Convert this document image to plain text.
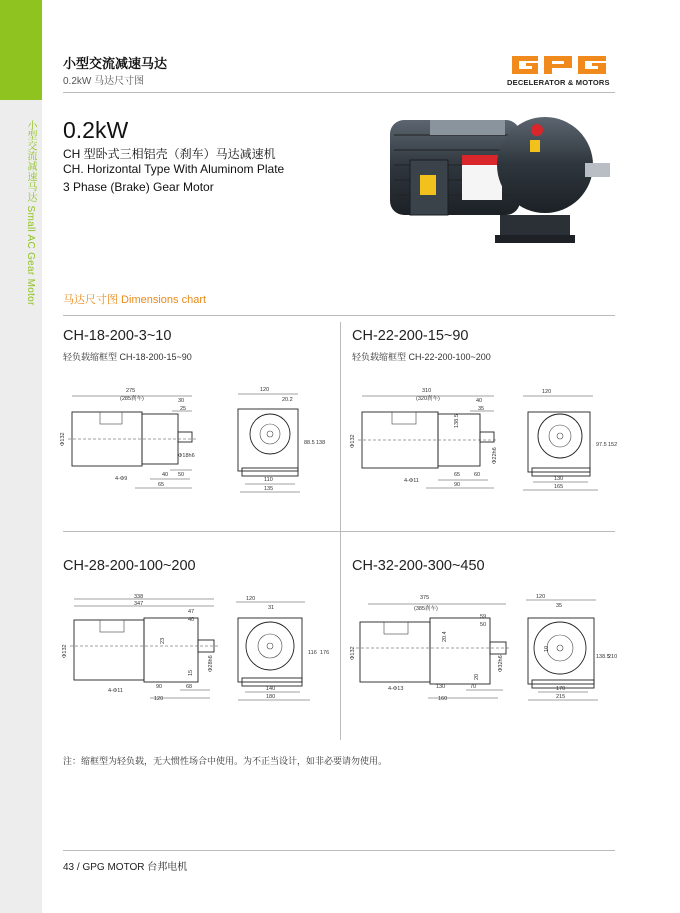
小型交流减速马达 Small AC Gear Motor
小型交流减速马达
0.2kW 马达尺寸图	DECELERATOR & MOTORS
0.2kW
CH 型卧式三相铝壳（刹车）马达减速机
CH. Horizontal Type With Aluminom Plate
3 Phase (Brake) Gear Motor
马达尺寸图 Dimensions chart
CH-18-200-3~10
轻负载缩框型 CH-18-200-15~90
275
(285刹车)	30
25
Φ132
Φ18h6
40 50
65
4-Φ9
120
20.2
88.5 138
110
135
CH-22-200-15~90
轻负载缩框型 CH-22-200-100~200
310
(320刹车)	40
35
Φ132
138.5
Φ22h6
65	60
90
4-Φ11
120
97.5 152
130
165
CH-28-200-100~200
338
347
47
40
Φ132
23
15
Φ28h6
90	68
120
4-Φ11
120
31
116 176
140
180
CH-32-200-300~450
375
(385刹车)
59
50
Φ132
20.4
20
Φ32h6
130	70
160
4-Φ13
120
35
10
138.5
210
170
215
注：缩框型为轻负载，无大惯性场合中使用。为不正当设计，如非必要请勿使用。
43 / GPG MOTOR 台邦电机
